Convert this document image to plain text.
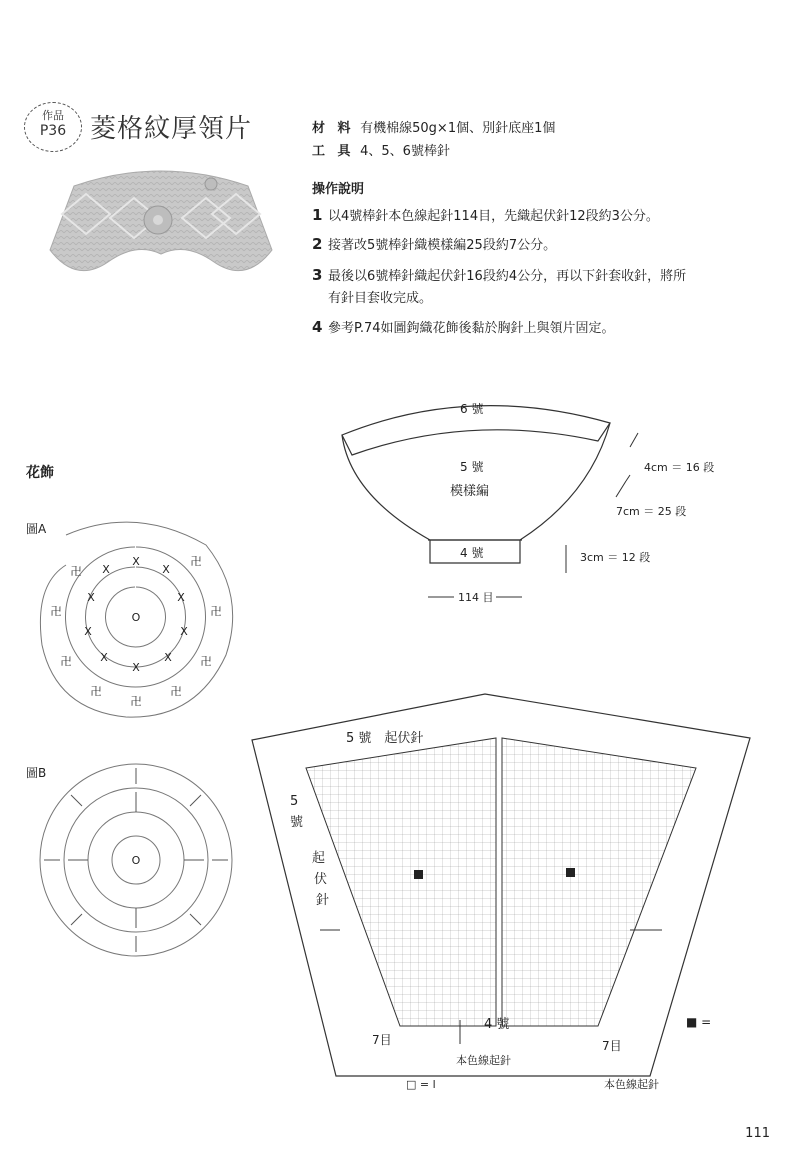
作品
P36 菱格紋厚領片	材 料 有機棉線50g×1個、別針底座1個
工 具 4、5、6號棒針
操作說明
1 以4號棒針本色線起針114目，先織起伏針12段約3公分。
2 接著改5號棒針織模樣編25段約7公分。
3 最後以6號棒針織起伏針16段約4公分，再以下針套收針，將所
有針目套收完成。
4 參考P.74如圖鉤織花飾後黏於胸針上與領片固定。
6 號
5 號
模樣編
4 號
4cm ＝ 16 段
7cm ＝ 25 段
3cm ＝ 12 段
114 目
花飾
圖A
圖B
X
X
X
X
X
X
X
X
X
X
O
卍
卍
卍
卍
卍	卍
卍
卍	卍
O
5 號　起伏針
5
號
起
伏
針
4 號
7目	7目
本色線起針
本色線起針
□ = ⅼ
■ =
111
